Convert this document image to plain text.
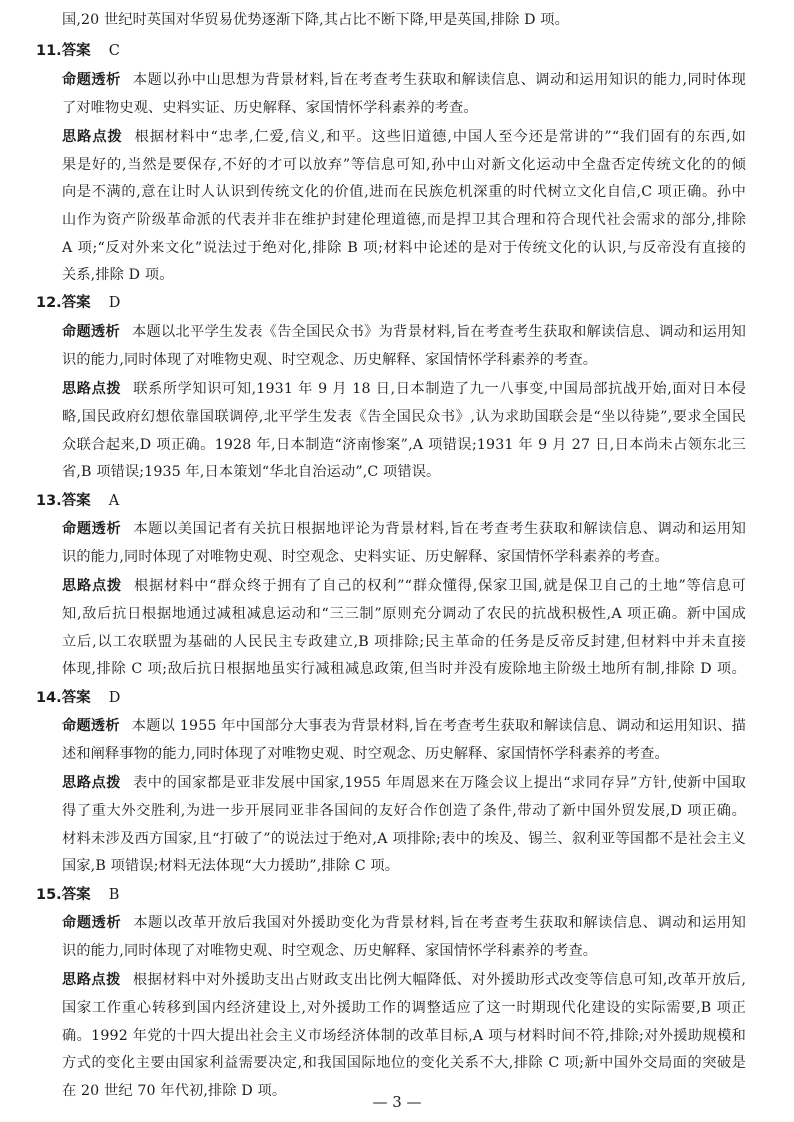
国,20 世纪时英国对华贸易优势逐渐下降,其占比不断下降,甲是英国,排除 D 项。
11.答案 C
命题透析 本题以孙中山思想为背景材料,旨在考查考生获取和解读信息、调动和运用知识的能力,同时体现
了对唯物史观、史料实证、历史解释、家国情怀学科素养的考查。
思路点拨 根据材料中“忠孝,仁爱,信义,和平。这些旧道德,中国人至今还是常讲的”“我们固有的东西,如
果是好的,当然是要保存,不好的才可以放弃”等信息可知,孙中山对新文化运动中全盘否定传统文化的的倾
向是不满的,意在让时人认识到传统文化的价值,进而在民族危机深重的时代树立文化自信,C 项正确。孙中
山作为资产阶级革命派的代表并非在维护封建伦理道德,而是捍卫其合理和符合现代社会需求的部分,排除
A 项;“反对外来文化”说法过于绝对化,排除 B 项;材料中论述的是对于传统文化的认识,与反帝没有直接的
关系,排除 D 项。
12.答案 D
命题透析 本题以北平学生发表《告全国民众书》为背景材料,旨在考查考生获取和解读信息、调动和运用知
识的能力,同时体现了对唯物史观、时空观念、历史解释、家国情怀学科素养的考查。
思路点拨 联系所学知识可知,1931 年 9 月 18 日,日本制造了九一八事变,中国局部抗战开始,面对日本侵
略,国民政府幻想依靠国联调停,北平学生发表《告全国民众书》,认为求助国联会是“坐以待毙”,要求全国民
众联合起来,D 项正确。1928 年,日本制造“济南惨案”,A 项错误;1931 年 9 月 27 日,日本尚未占领东北三
省,B 项错误;1935 年,日本策划“华北自治运动”,C 项错误。
13.答案 A
命题透析 本题以美国记者有关抗日根据地评论为背景材料,旨在考查考生获取和解读信息、调动和运用知
识的能力,同时体现了对唯物史观、时空观念、史料实证、历史解释、家国情怀学科素养的考查。
思路点拨 根据材料中“群众终于拥有了自己的权利”“群众懂得,保家卫国,就是保卫自己的土地”等信息可
知,敌后抗日根据地通过减租减息运动和“三三制”原则充分调动了农民的抗战积极性,A 项正确。新中国成
立后,以工农联盟为基础的人民民主专政建立,B 项排除;民主革命的任务是反帝反封建,但材料中并未直接
体现,排除 C 项;敌后抗日根据地虽实行减租减息政策,但当时并没有废除地主阶级土地所有制,排除 D 项。
14.答案 D
命题透析 本题以 1955 年中国部分大事表为背景材料,旨在考查考生获取和解读信息、调动和运用知识、描
述和阐释事物的能力,同时体现了对唯物史观、时空观念、历史解释、家国情怀学科素养的考查。
思路点拨 表中的国家都是亚非发展中国家,1955 年周恩来在万隆会议上提出“求同存异”方针,使新中国取
得了重大外交胜利,为进一步开展同亚非各国间的友好合作创造了条件,带动了新中国外贸发展,D 项正确。
材料未涉及西方国家,且“打破了”的说法过于绝对,A 项排除;表中的埃及、锡兰、叙利亚等国都不是社会主义
国家,B 项错误;材料无法体现“大力援助”,排除 C 项。
15.答案 B
命题透析 本题以改革开放后我国对外援助变化为背景材料,旨在考查考生获取和解读信息、调动和运用知
识的能力,同时体现了对唯物史观、时空观念、历史解释、家国情怀学科素养的考查。
思路点拨 根据材料中对外援助支出占财政支出比例大幅降低、对外援助形式改变等信息可知,改革开放后,
国家工作重心转移到国内经济建设上,对外援助工作的调整适应了这一时期现代化建设的实际需要,B 项正
确。1992 年党的十四大提出社会主义市场经济体制的改革目标,A 项与材料时间不符,排除;对外援助规模和
方式的变化主要由国家利益需要决定,和我国国际地位的变化关系不大,排除 C 项;新中国外交局面的突破是
在 20 世纪 70 年代初,排除 D 项。
— 3 —
